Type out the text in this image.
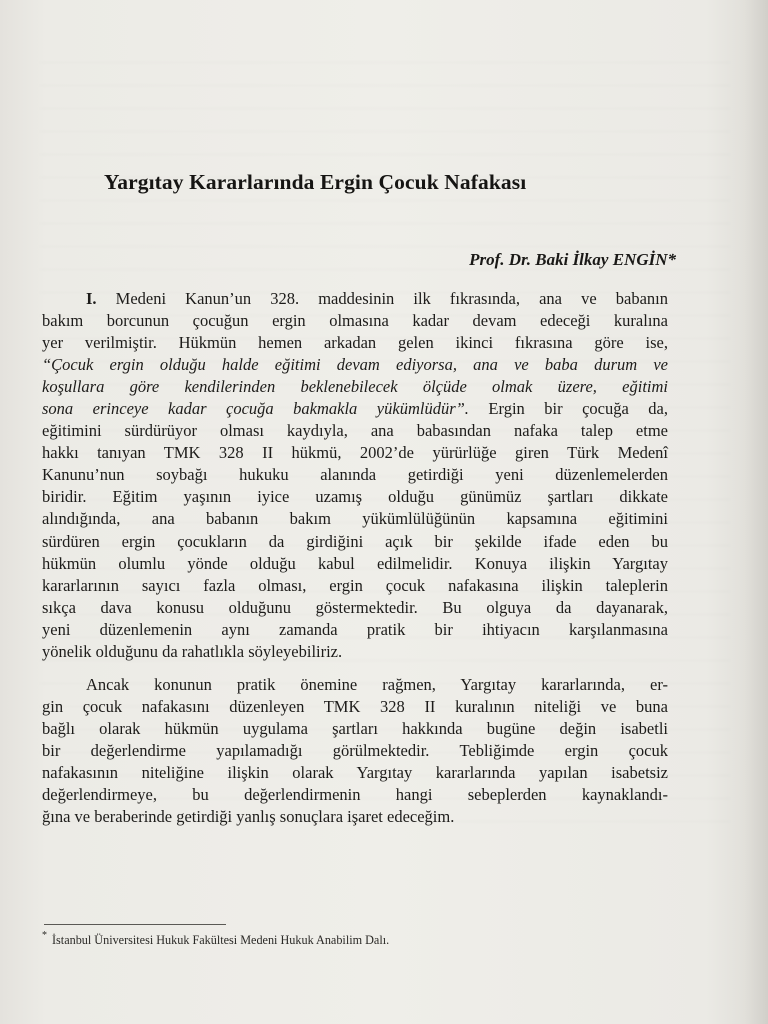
Yargıtay Kararlarında Ergin Çocuk Nafakası
Prof. Dr. Baki İlkay ENGİN*

I. Medeni Kanun’un 328. maddesinin ilk fıkrasında, ana ve babanın
bakım borcunun çocuğun ergin olmasına kadar devam edeceği kuralına
yer verilmiştir. Hükmün hemen arkadan gelen ikinci fıkrasına göre ise,
“Çocuk ergin olduğu halde eğitimi devam ediyorsa, ana ve baba durum ve
koşullara göre kendilerinden beklenebilecek ölçüde olmak üzere, eğitimi
sona erinceye kadar çocuğa bakmakla yükümlüdür”. Ergin bir çocuğa da,
eğitimini sürdürüyor olması kaydıyla, ana babasından nafaka talep etme
hakkı tanıyan TMK 328 II hükmü, 2002’de yürürlüğe giren Türk Medenî
Kanunu’nun soybağı hukuku alanında getirdiği yeni düzenlemelerden
biridir. Eğitim yaşının iyice uzamış olduğu günümüz şartları dikkate
alındığında, ana babanın bakım yükümlülüğünün kapsamına eğitimini
sürdüren ergin çocukların da girdiğini açık bir şekilde ifade eden bu
hükmün olumlu yönde olduğu kabul edilmelidir. Konuya ilişkin Yargıtay
kararlarının sayıcı fazla olması, ergin çocuk nafakasına ilişkin taleplerin
sıkça dava konusu olduğunu göstermektedir. Bu olguya da dayanarak,
yeni düzenlemenin aynı zamanda pratik bir ihtiyacın karşılanmasına
yönelik olduğunu da rahatlıkla söyleyebiliriz.

Ancak konunun pratik önemine rağmen, Yargıtay kararlarında, er-
gin çocuk nafakasını düzenleyen TMK 328 II kuralının niteliği ve buna
bağlı olarak hükmün uygulama şartları hakkında bugüne değin isabetli
bir değerlendirme yapılamadığı görülmektedir. Tebliğimde ergin çocuk
nafakasının niteliğine ilişkin olarak Yargıtay kararlarında yapılan isabetsiz
değerlendirmeye, bu değerlendirmenin hangi sebeplerden kaynaklandı-
ğına ve beraberinde getirdiği yanlış sonuçlara işaret edeceğim.

* İstanbul Üniversitesi Hukuk Fakültesi Medeni Hukuk Anabilim Dalı.
